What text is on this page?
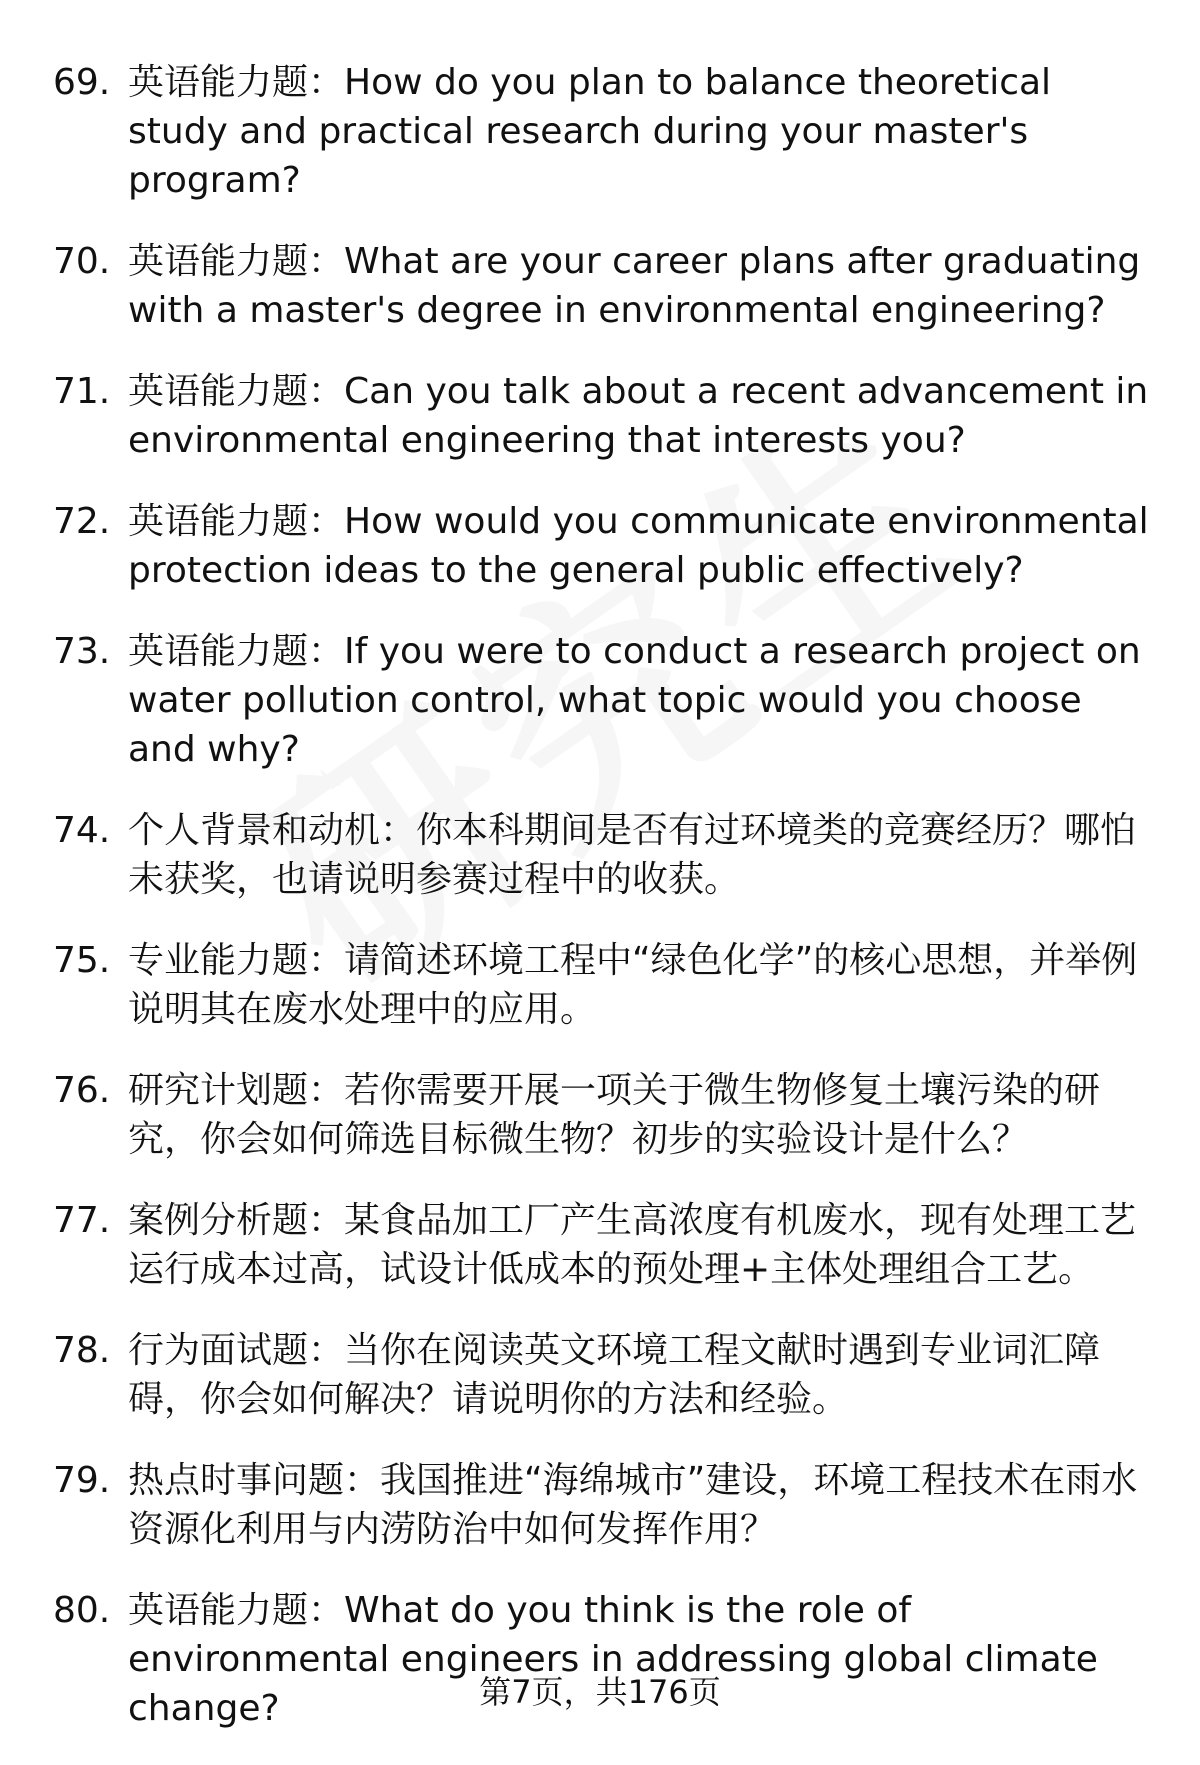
69. 英语能力题：How do you plan to balance theoretical study and practical research during your master's program?
70. 英语能力题：What are your career plans after graduating with a master's degree in environmental engineering?
71. 英语能力题：Can you talk about a recent advancement in environmental engineering that interests you?
72. 英语能力题：How would you communicate environmental protection ideas to the general public effectively?
73. 英语能力题：If you were to conduct a research project on water pollution control, what topic would you choose and why?
74. 个人背景和动机：你本科期间是否有过环境类的竞赛经历？哪怕未获奖，也请说明参赛过程中的收获。
75. 专业能力题：请简述环境工程中“绿色化学”的核心思想，并举例说明其在废水处理中的应用。
76. 研究计划题：若你需要开展一项关于微生物修复土壤污染的研究，你会如何筛选目标微生物？初步的实验设计是什么？
77. 案例分析题：某食品加工厂产生高浓度有机废水，现有处理工艺运行成本过高，试设计低成本的预处理+主体处理组合工艺。
78. 行为面试题：当你在阅读英文环境工程文献时遇到专业词汇障碍，你会如何解决？请说明你的方法和经验。
79. 热点时事问题：我国推进“海绵城市”建设，环境工程技术在雨水资源化利用与内涝防治中如何发挥作用？
80. 英语能力题：What do you think is the role of environmental engineers in addressing global climate change?	第7页，共176页
